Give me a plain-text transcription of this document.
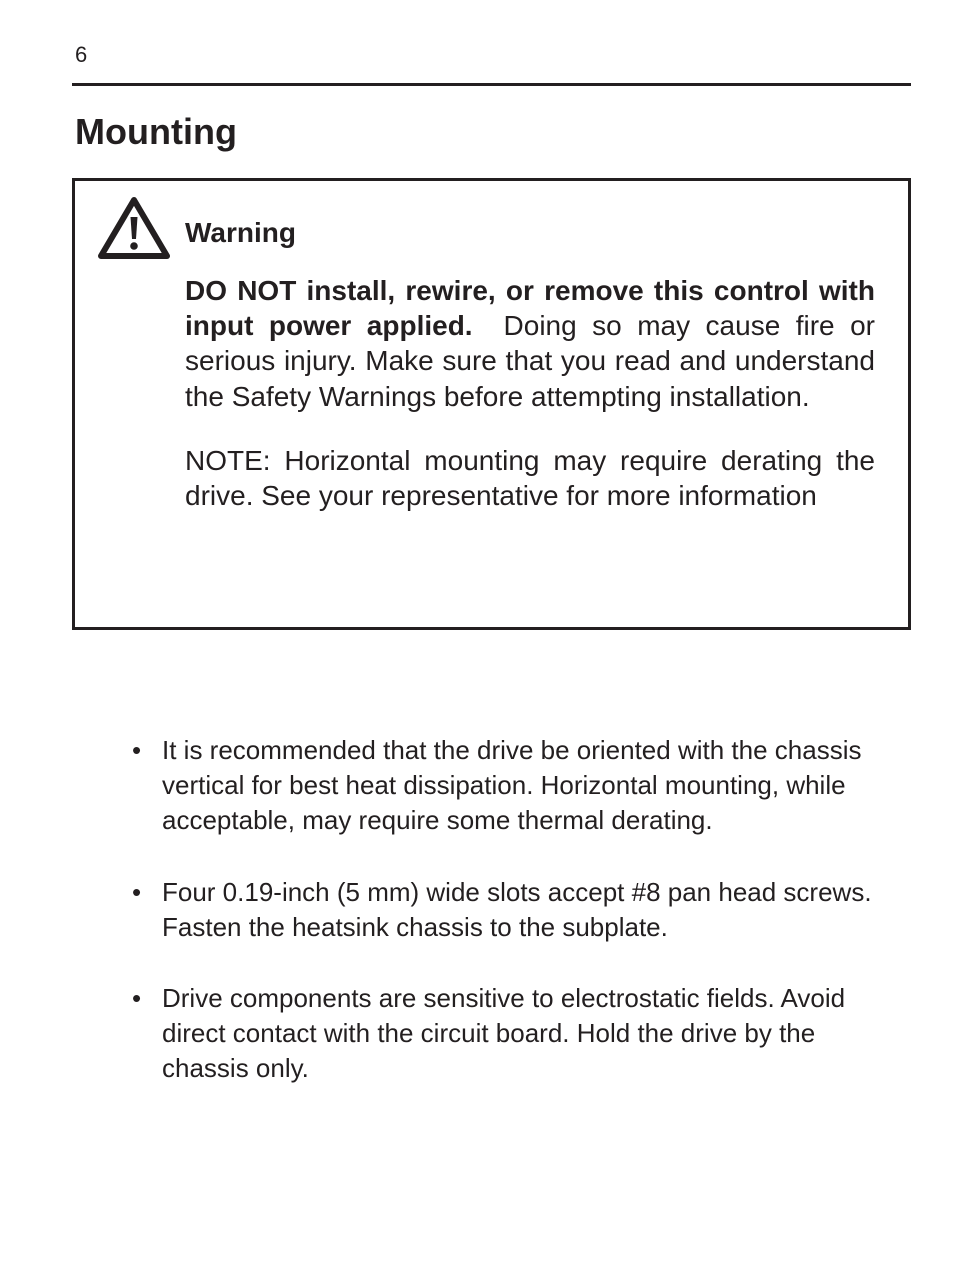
6
Mounting

Warning

DO NOT install, rewire, or remove this control with input power applied. Doing so may cause fire or serious injury. Make sure that you read and understand the Safety Warnings before attempting installation.

NOTE: Horizontal mounting may require derating the drive. See your representative for more information

• It is recommended that the drive be oriented with the chassis vertical for best heat dissipation. Horizontal mounting, while acceptable, may require some thermal derating.
• Four 0.19-inch (5 mm) wide slots accept #8 pan head screws. Fasten the heatsink chassis to the subplate.
• Drive components are sensitive to electrostatic fields. Avoid direct contact with the circuit board. Hold the drive by the chassis only.
